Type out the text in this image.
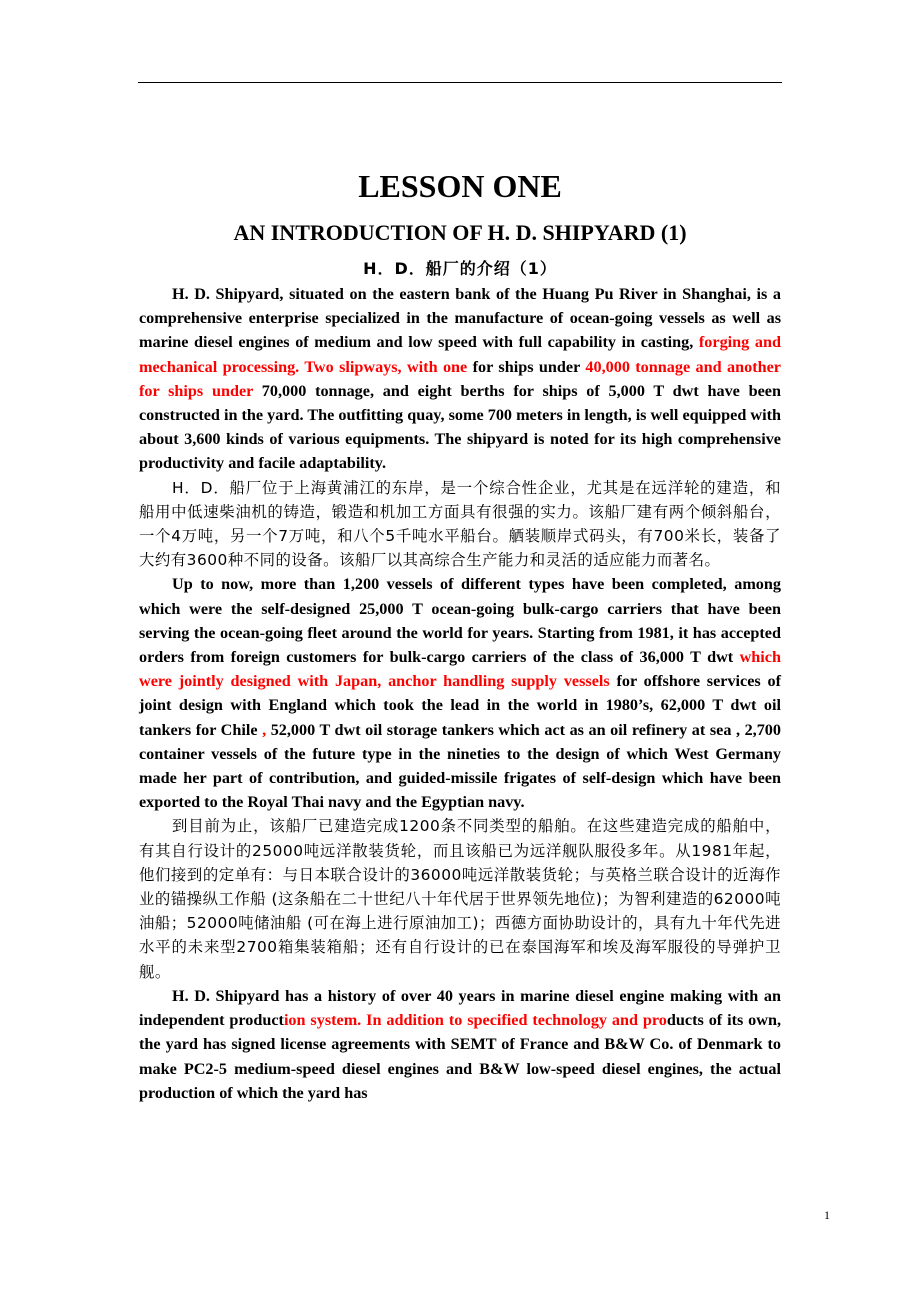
LESSON ONE
AN INTRODUCTION OF H. D. SHIPYARD (1)
H．D．船厂的介绍（1）

H. D. Shipyard, situated on the eastern bank of the Huang Pu River in Shanghai, is a comprehensive enterprise specialized in the manufacture of ocean-going vessels as well as marine diesel engines of medium and low speed with full capability in casting, forging and mechanical processing. Two slipways, with one for ships under 40,000 tonnage and another for ships under 70,000 tonnage, and eight berths for ships of 5,000 T dwt have been constructed in the yard. The outfitting quay, some 700 meters in length, is well equipped with about 3,600 kinds of various equipments. The shipyard is noted for its high comprehensive productivity and facile adaptability.

H．D．船厂位于上海黄浦江的东岸，是一个综合性企业，尤其是在远洋轮的建造，和船用中低速柴油机的铸造，锻造和机加工方面具有很强的实力。该船厂建有两个倾斜船台，一个4万吨，另一个7万吨，和八个5千吨水平船台。舾装顺岸式码头，有700米长，装备了大约有3600种不同的设备。该船厂以其高综合生产能力和灵活的适应能力而著名。

Up to now, more than 1,200 vessels of different types have been completed, among which were the self-designed 25,000 T ocean-going bulk-cargo carriers that have been serving the ocean-going fleet around the world for years. Starting from 1981, it has accepted orders from foreign customers for bulk-cargo carriers of the class of 36,000 T dwt which were jointly designed with Japan, anchor handling supply vessels for offshore services of joint design with England which took the lead in the world in 1980’s, 62,000 T dwt oil tankers for Chile , 52,000 T dwt oil storage tankers which act as an oil refinery at sea , 2,700 container vessels of the future type in the nineties to the design of which West Germany made her part of contribution, and guided-missile frigates of self-design which have been exported to the Royal Thai navy and the Egyptian navy.

到目前为止，该船厂已建造完成1200条不同类型的船舶。在这些建造完成的船舶中，有其自行设计的25000吨远洋散装货轮，而且该船已为远洋舰队服役多年。从1981年起，他们接到的定单有：与日本联合设计的36000吨远洋散装货轮；与英格兰联合设计的近海作业的锚操纵工作船 (这条船在二十世纪八十年代居于世界领先地位)；为智利建造的62000吨油船；52000吨储油船 (可在海上进行原油加工)；西德方面协助设计的，具有九十年代先进水平的未来型2700箱集装箱船；还有自行设计的已在泰国海军和埃及海军服役的导弹护卫舰。

H. D. Shipyard has a history of over 40 years in marine diesel engine making with an independent production system. In addition to specified technology and products of its own, the yard has signed license agreements with SEMT of France and B&W Co. of Denmark to make PC2-5 medium-speed diesel engines and B&W low-speed diesel engines, the actual production of which the yard has

1
